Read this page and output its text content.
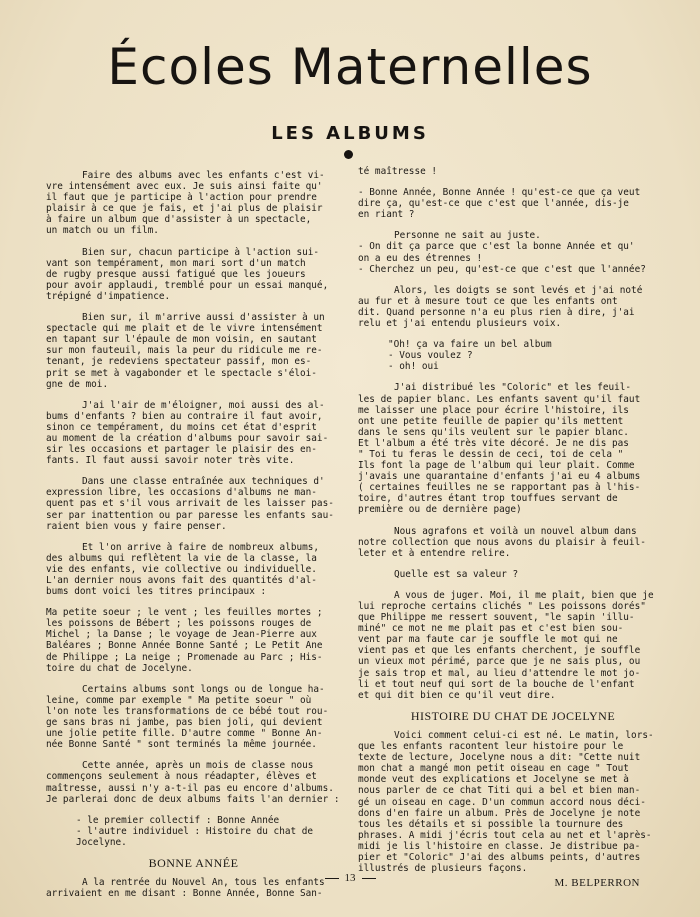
Écoles Maternelles
LES ALBUMS

Faire des albums avec les enfants c'est vi-
vre intensément avec eux. Je suis ainsi faite qu'
il faut que je participe à l'action pour prendre
plaisir à ce que je fais, et j'ai plus de plaisir
à faire un album que d'assister à un spectacle,
un match ou un film.

Bien sur, chacun participe à l'action sui-
vant son tempérament, mon mari sort d'un match
de rugby presque aussi fatigué que les joueurs
pour avoir applaudi, tremblé pour un essai manqué,
trépigné d'impatience.

Bien sur, il m'arrive aussi d'assister à un
spectacle qui me plait et de le vivre intensément
en tapant sur l'épaule de mon voisin, en sautant
sur mon fauteuil, mais la peur du ridicule me re-
tenant, je redeviens spectateur passif, mon es-
prit se met à vagabonder et le spectacle s'éloi-
gne de moi.

J'ai l'air de m'éloigner, moi aussi des al-
bums d'enfants ? bien au contraire il faut avoir,
sinon ce tempérament, du moins cet état d'esprit
au moment de la création d'albums pour savoir sai-
sir les occasions et partager le plaisir des en-
fants. Il faut aussi savoir noter très vite.

Dans une classe entraînée aux techniques d'
expression libre, les occasions d'albums ne man-
quent pas et s'il vous arrivait de les laisser pas-
ser par inattention ou par paresse les enfants sau-
raient bien vous y faire penser.

Et l'on arrive à faire de nombreux albums,
des albums qui reflètent la vie de la classe, la
vie des enfants, vie collective ou individuelle.
L'an dernier nous avons fait des quantités d'al-
bums dont voici les titres principaux :

Ma petite soeur ; le vent ; les feuilles mortes ;
les poissons de Bébert ; les poissons rouges de
Michel ; la Danse ; le voyage de Jean-Pierre aux
Baléares ; Bonne Année Bonne Santé ; Le Petit Ane
de Philippe ; La neige ; Promenade au Parc ; His-
toire du chat de Jocelyne.

Certains albums sont longs ou de longue ha-
leine, comme par exemple " Ma petite soeur " où
l'on note les transformations de ce bébé tout rou-
ge sans bras ni jambe, pas bien joli, qui devient
une jolie petite fille. D'autre comme " Bonne An-
née Bonne Santé " sont terminés la même journée.

Cette année, après un mois de classe nous
commençons seulement à nous réadapter, élèves et
maîtresse, aussi n'y a-t-il pas eu encore d'albums.
Je parlerai donc de deux albums faits l'an dernier :

- le premier collectif : Bonne Année
- l'autre individuel : Histoire du chat de
Jocelyne.

BONNE ANNÉE

A la rentrée du Nouvel An, tous les enfants
arrivaient en me disant : Bonne Année, Bonne San-

té maîtresse !

- Bonne Année, Bonne Année ! qu'est-ce que ça veut
dire ça, qu'est-ce que c'est que l'année, dis-je
en riant ?

Personne ne sait au juste.
- On dit ça parce que c'est la bonne Année et qu'
on a eu des étrennes !
- Cherchez un peu, qu'est-ce que c'est que l'année?

Alors, les doigts se sont levés et j'ai noté
au fur et à mesure tout ce que les enfants ont
dit. Quand personne n'a eu plus rien à dire, j'ai
relu et j'ai entendu plusieurs voix.

"Oh! ça va faire un bel album
- Vous voulez ?
- oh! oui

J'ai distribué les "Coloric" et les feuil-
les de papier blanc. Les enfants savent qu'il faut
me laisser une place pour écrire l'histoire, ils
ont une petite feuille de papier qu'ils mettent
dans le sens qu'ils veulent sur le papier blanc.
Et l'album a été très vite décoré. Je ne dis pas
" Toi tu feras le dessin de ceci, toi de cela "
Ils font la page de l'album qui leur plait. Comme
j'avais une quarantaine d'enfants j'ai eu 4 albums
( certaines feuilles ne se rapportant pas à l'his-
toire, d'autres étant trop touffues servant de
première ou de dernière page)

Nous agrafons et voilà un nouvel album dans
notre collection que nous avons du plaisir à feuil-
leter et à entendre relire.

Quelle est sa valeur ?

A vous de juger. Moi, il me plait, bien que je
lui reproche certains clichés " Les poissons dorés"
que Philippe me ressert souvent, "le sapin 'illu-
miné" ce mot ne me plait pas et c'est bien sou-
vent par ma faute car je souffle le mot qui ne
vient pas et que les enfants cherchent, je souffle
un vieux mot périmé, parce que je ne sais plus, ou
je sais trop et mal, au lieu d'attendre le mot jo-
li et tout neuf qui sort de la bouche de l'enfant
et qui dit bien ce qu'il veut dire.

HISTOIRE DU CHAT DE JOCELYNE

Voici comment celui-ci est né. Le matin, lors-
que les enfants racontent leur histoire pour le
texte de lecture, Jocelyne nous a dit: "Cette nuit
mon chat a mangé mon petit oiseau en cage " Tout
monde veut des explications et Jocelyne se met à
nous parler de ce chat Titi qui a bel et bien man-
gé un oiseau en cage. D'un commun accord nous déci-
dons d'en faire un album. Près de Jocelyne je note
tous les détails et si possible la tournure des
phrases. A midi j'écris tout cela au net et l'après-
midi je lis l'histoire en classe. Je distribue pa-
pier et "Coloric" J'ai des albums peints, d'autres
illustrés de plusieurs façons.

M. BELPERRON
13
